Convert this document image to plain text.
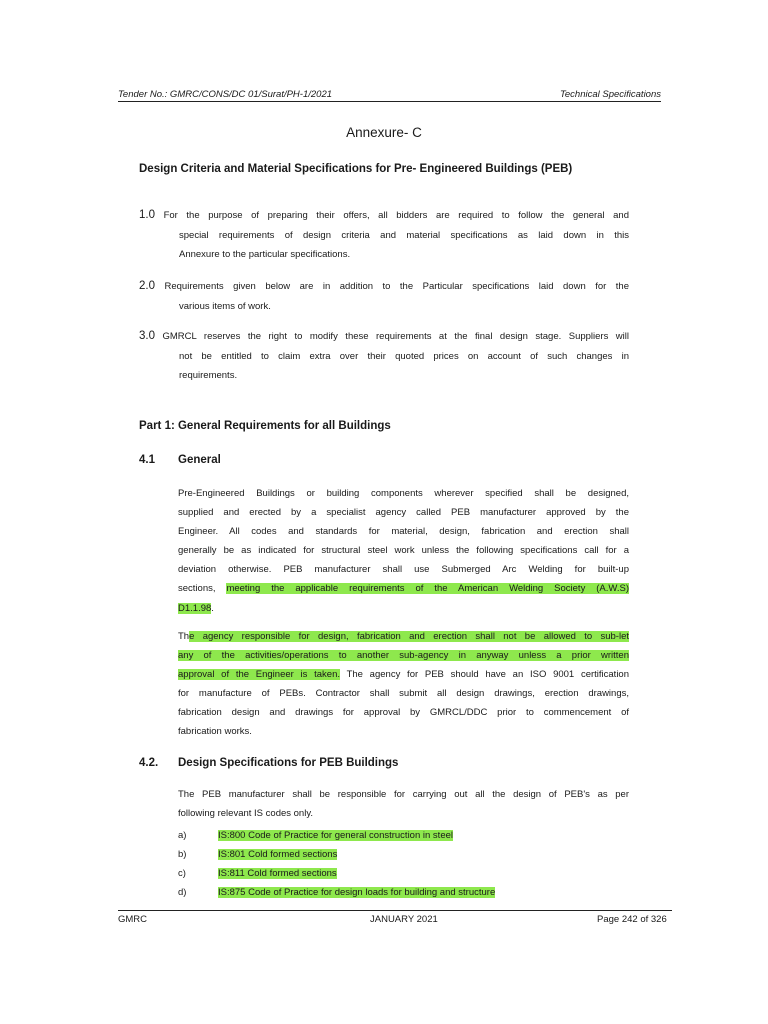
Tender No.: GMRC/CONS/DC 01/Surat/PH-1/2021	Technical Specifications
Annexure- C
Design Criteria and Material Specifications for Pre- Engineered Buildings (PEB)
1.0 For the purpose of preparing their offers, all bidders are required to follow the general and
special requirements of design criteria and material specifications as laid down in this
Annexure to the particular specifications.
2.0 Requirements given below are in addition to the Particular specifications laid down for the
various items of work.
3.0 GMRCL reserves the right to modify these requirements at the final design stage. Suppliers will
not be entitled to claim extra over their quoted prices on account of such changes in
requirements.
Part 1: General Requirements for all Buildings
4.1 General
Pre-Engineered Buildings or building components wherever specified shall be designed,
supplied and erected by a specialist agency called PEB manufacturer approved by the
Engineer. All codes and standards for material, design, fabrication and erection shall
generally be as indicated for structural steel work unless the following specifications call for a
deviation otherwise. PEB manufacturer shall use Submerged Arc Welding for built-up
sections, meeting the applicable requirements of the American Welding Society (A.W.S)
D1.1.98.
The agency responsible for design, fabrication and erection shall not be allowed to sub-let
any of the activities/operations to another sub-agency in anyway unless a prior written
approval of the Engineer is taken. The agency for PEB should have an ISO 9001 certification
for manufacture of PEBs. Contractor shall submit all design drawings, erection drawings,
fabrication design and drawings for approval by GMRCL/DDC prior to commencement of
fabrication works.
4.2. Design Specifications for PEB Buildings
The PEB manufacturer shall be responsible for carrying out all the design of PEB's as per
following relevant IS codes only.
a)	IS:800 Code of Practice for general construction in steel
b)	IS:801 Cold formed sections
c)	IS:811 Cold formed sections
d)	IS:875 Code of Practice for design loads for building and structure
GMRC	JANUARY 2021	Page 242 of 326
